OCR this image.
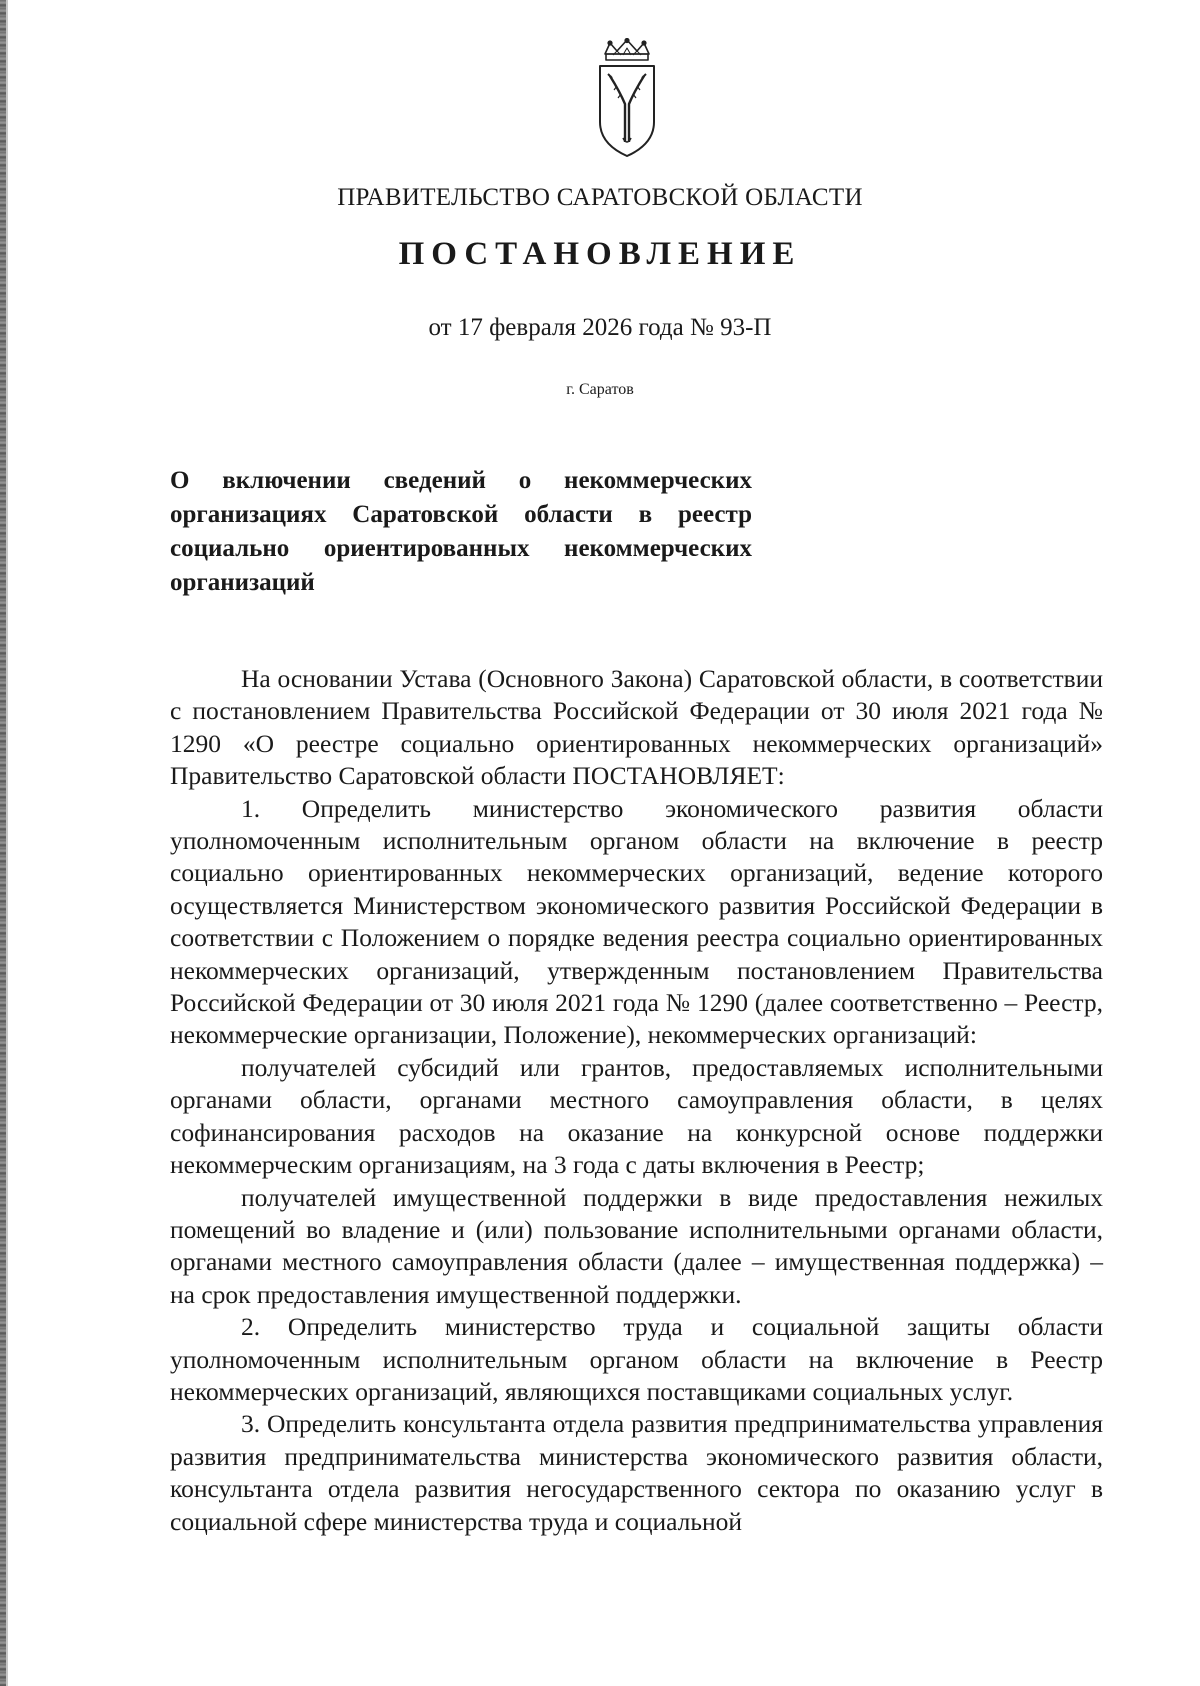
ПРАВИТЕЛЬСТВО САРАТОВСКОЙ ОБЛАСТИ
ПОСТАНОВЛЕНИЕ
от 17 февраля 2026 года № 93-П
г. Саратов
О включении сведений о некоммерческих
организациях Саратовской области в реестр
социально ориентированных некоммерческих
организаций

На основании Устава (Основного Закона) Саратовской области, в соответствии с постановлением Правительства Российской Федерации от 30 июля 2021 года № 1290 «О реестре социально ориентированных некоммерческих организаций» Правительство Саратовской области ПОСТАНОВЛЯЕТ:

1. Определить министерство экономического развития области уполномоченным исполнительным органом области на включение в реестр социально ориентированных некоммерческих организаций, ведение которого осуществляется Министерством экономического развития Российской Федерации в соответствии с Положением о порядке ведения реестра социально ориентированных некоммерческих организаций, утвержденным постановлением Правительства Российской Федерации от 30 июля 2021 года № 1290 (далее соответственно – Реестр, некоммерческие организации, Положение), некоммерческих организаций:

получателей субсидий или грантов, предоставляемых исполнительными органами области, органами местного самоуправления области, в целях софинансирования расходов на оказание на конкурсной основе поддержки некоммерческим организациям, на 3 года с даты включения в Реестр;

получателей имущественной поддержки в виде предоставления нежилых помещений во владение и (или) пользование исполнительными органами области, органами местного самоуправления области (далее – имущественная поддержка) – на срок предоставления имущественной поддержки.

2. Определить министерство труда и социальной защиты области уполномоченным исполнительным органом области на включение в Реестр некоммерческих организаций, являющихся поставщиками социальных услуг.

3. Определить консультанта отдела развития предпринимательства управления развития предпринимательства министерства экономического развития области, консультанта отдела развития негосударственного сектора по оказанию услуг в социальной сфере министерства труда и социальной
